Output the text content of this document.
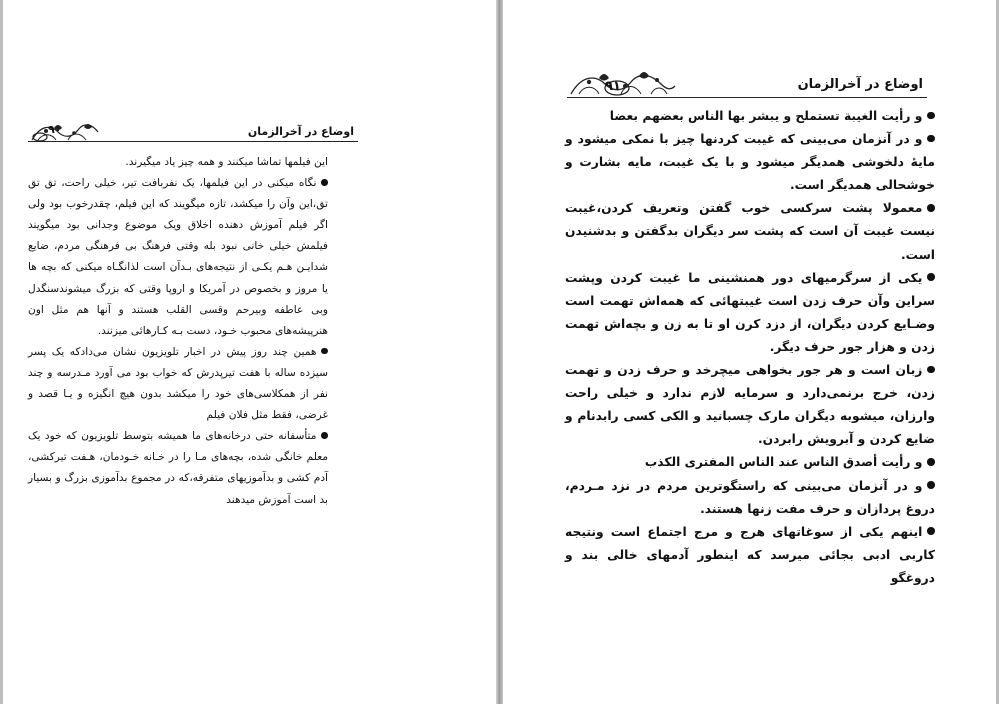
اوضاع در آخرالزمان
۹۰

این فیلمها تماشا میکنند و همه چیز یاد میگیرند.

نگاه میکنی در این فیلمها، یک نفربافت تیر، خیلی راحت، تق تق تق،این وآن را میکشد، تازه میگویند که این فیلم، چقدرخوب بود ولی اگر فیلم آموزش دهنده اخلاق ویک موضوع وجدانی بود میگویند فیلمش خیلی خانی نبود بله وقتی فرهنگ بی فرهنگی مردم، ضایع شدایـن هـم یکـی از نتیجه‌های بـدآن است لذانگـاه میکنی که بچه ها یا مروز و بخصوص در آمریکا و اروپا وقتی که بزرگ میشوندسنگدل وبی عاطفه وبیرحم وقسی القلب هستند و آنها هم مثل اون هنرپیشه‌های محبوب خـود، دست بـه کـارهائی میزنند.

همین چند روز پیش در اخبار تلویزیون نشان می‌دادکه یک پسر سیزده ساله با هفت تیرپدرش که خواب بود می آورد مـدرسه و چند نفر از همکلاسی‌های خود را میکشد بدون هیچ انگیزه و یـا قصد و غرضی، فقط مثل فلان فیلم

متأسفانه حتی درخانه‌های ما همیشه بتوسط تلویزیون که خود یک معلم خانگی شده، بچه‌های مـا را در خـانه خـودمان، هـفت تیرکشی، آدم کشی و بدآموزیهای متفرقه،که در مجموع بدآموزی بزرگ و بسیار بد است آموزش میدهند

اوضاع در آخرالزمان
۹۱

و رأیت الغیبة تستملح و یبشر بها الناس بعضهم بعضا

و در آنزمان می‌بینی که غیبت کردنها چیز با نمکی میشود و مایهٔ دلخوشی همدیگر میشود و با یک غیبت، مایه بشارت و خوشحالی همدیگر است.

معمولا پشت سرکسی خوب گفتن وتعریف کردن،غیبت نیست غیبت آن است که پشت سر دیگران بدگفتن و بدشنیدن است.

یکی از سرگرمیهای دور همنشینی ما غیبت کردن وپشت سراین وآن حرف زدن است غیبتهائی که همه‌اش تهمت است وضـایع کردن دیگران، از دزد کرن او تا به زن و بچه‌اش تهمت زدن و هزار جور حرف دیگر.

زبان است و هر جور بخواهی میچرخد و حرف زدن و تهمت زدن، خرج برنمی‌دارد و سرمایه لازم ندارد و خیلی راحت وارزان، میشوبه دیگران مارک چسبانید و الکی کسی رابدنام و ضایع کردن و آبرویش رابردن.

و رأیت أصدق الناس عند الناس المفتری الکذب

و در آنزمان می‌بینی که راستگوترین مردم در نزد مـردم، دروغ پردازان و حرف مفت زنها هستند.

اینهم یکی از سوغاتهای هرج و مرج اجتماع است ونتیجه کاربی ادبی بجائی میرسد که اینطور آدمهای خالی بند و دروغگو
